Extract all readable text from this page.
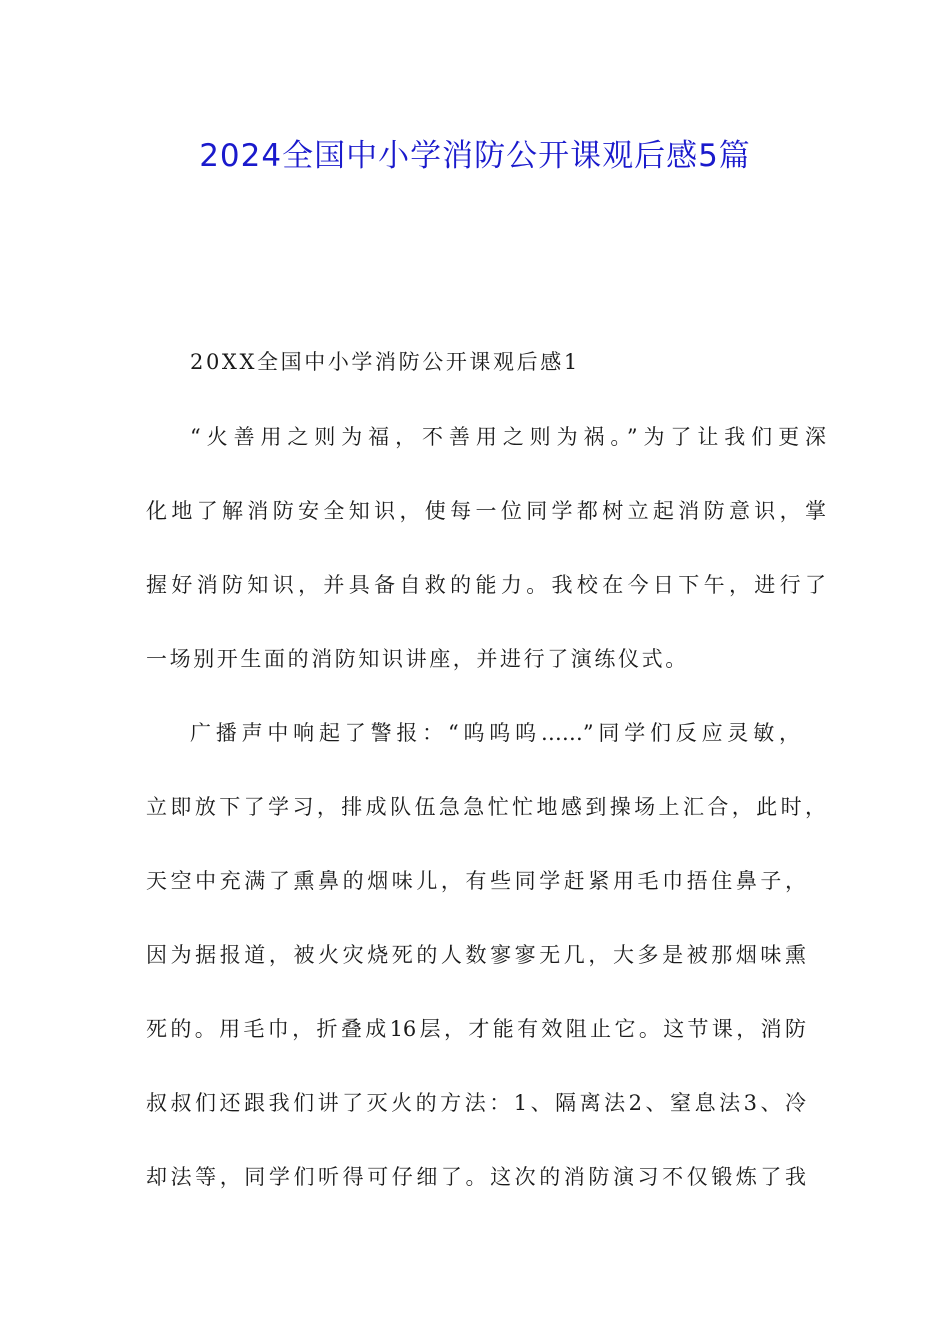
2024全国中小学消防公开课观后感5篇
20XX全国中小学消防公开课观后感1
“火善用之则为福，不善用之则为祸。”为了让我们更深
化地了解消防安全知识，使每一位同学都树立起消防意识，掌
握好消防知识，并具备自救的能力。我校在今日下午，进行了
一场别开生面的消防知识讲座，并进行了演练仪式。
广播声中响起了警报：“呜呜呜……”同学们反应灵敏，
立即放下了学习，排成队伍急急忙忙地感到操场上汇合，此时，
天空中充满了熏鼻的烟味儿，有些同学赶紧用毛巾捂住鼻子，
因为据报道，被火灾烧死的人数寥寥无几，大多是被那烟味熏
死的。用毛巾，折叠成16层，才能有效阻止它。这节课，消防
叔叔们还跟我们讲了灭火的方法：1、隔离法2、窒息法3、冷
却法等，同学们听得可仔细了。这次的消防演习不仅锻炼了我
